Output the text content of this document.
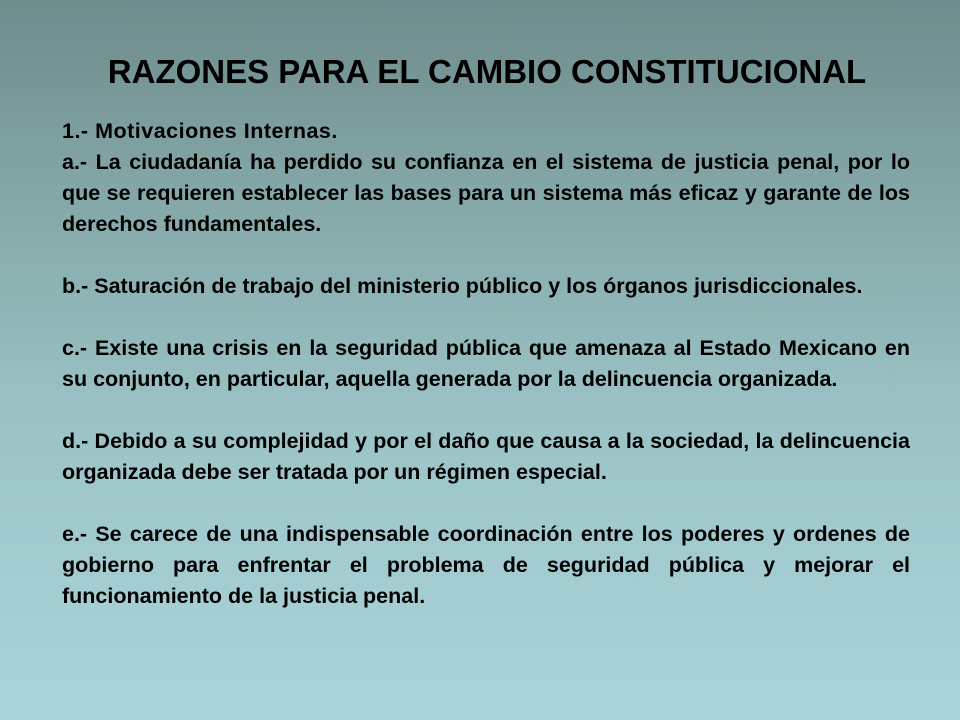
RAZONES PARA EL CAMBIO CONSTITUCIONAL

1.- Motivaciones Internas.

a.- La ciudadanía ha perdido su confianza en el sistema de justicia penal, por lo que se requieren establecer las bases para un sistema más eficaz y garante de los derechos fundamentales.

b.- Saturación de trabajo del ministerio público y los órganos jurisdiccionales.

c.- Existe una crisis en la seguridad pública que amenaza al Estado Mexicano en su conjunto, en particular, aquella generada por la delincuencia organizada.

d.- Debido a su complejidad y por el daño que causa a la sociedad, la delincuencia organizada debe ser tratada por un régimen especial.

e.- Se carece de una indispensable coordinación entre los poderes y ordenes de gobierno para enfrentar el problema de seguridad pública y mejorar el funcionamiento de la justicia penal.
